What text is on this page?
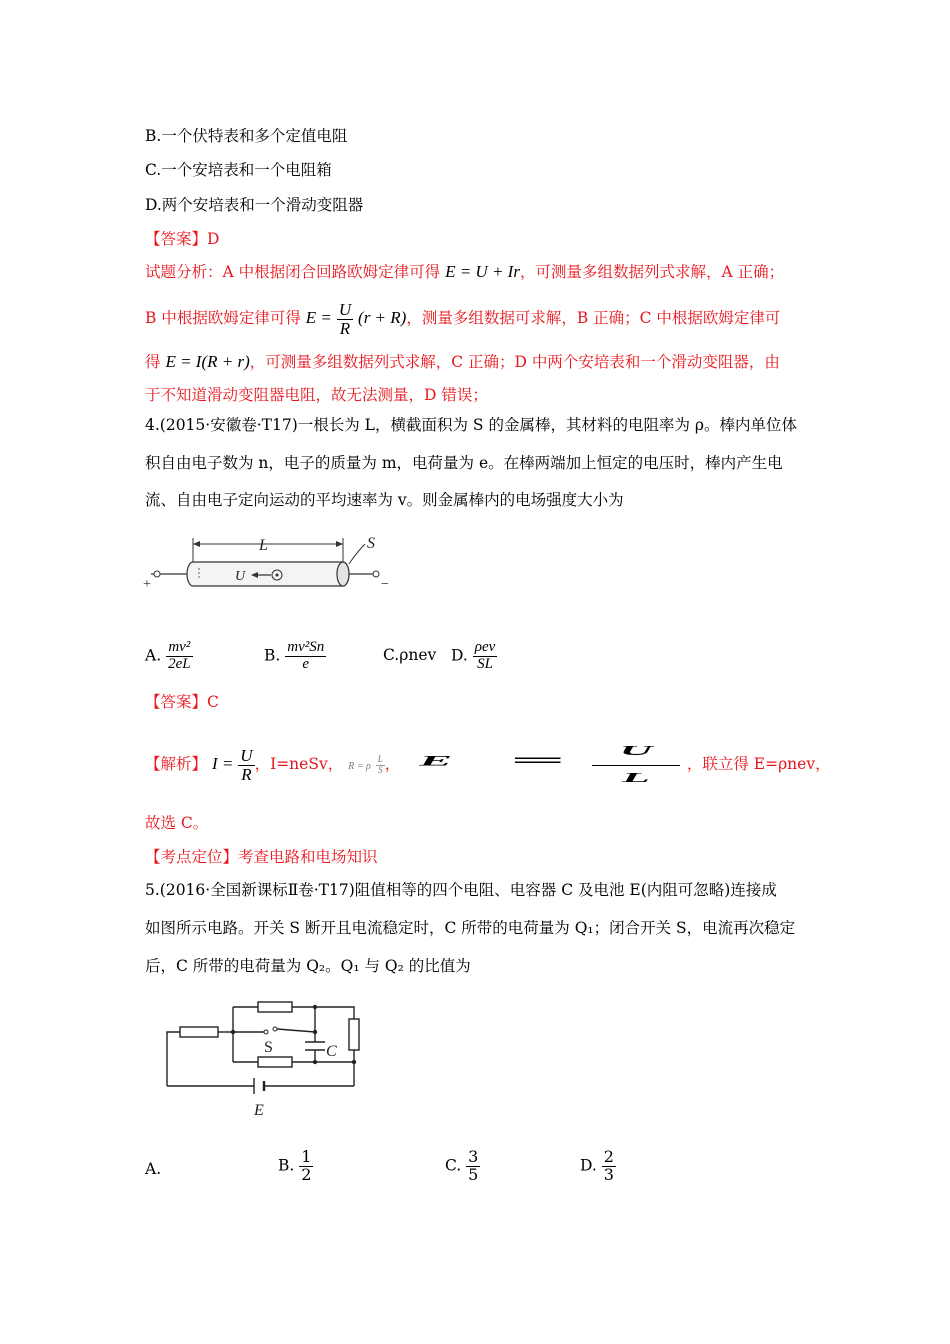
B.一个伏特表和多个定值电阻
C.一个安培表和一个电阻箱
D.两个安培表和一个滑动变阻器
【答案】D
试题分析：A 中根据闭合回路欧姆定律可得 E = U + Ir，可测量多组数据列式求解，A 正确；
B 中根据欧姆定律可得 $E = \frac{U}{R} (r + R)$，测量多组数据可求解，B 正确；C 中根据欧姆定律可
得 E = I(R + r)，可测量多组数据列式求解，C 正确；D 中两个安培表和一个滑动变阻器，由
于不知道滑动变阻器电阻，故无法测量，D 错误；
4.(2015·安徽卷·T17)一根长为 L，横截面积为 S 的金属棒，其材料的电阻率为 ρ。棒内单位体
积自由电子数为 n，电子的质量为 m，电荷量为 e。在棒两端加上恒定的电压时，棒内产生电
流、自由电子定向运动的平均速率为 v。则金属棒内的电场强度大小为
L
+	−
U
S
A. $\frac{\text{mv²}}{2eL}$	B. $\frac{\text{mv²Sn}}{e}$	C.ρnev D. $\frac{\text{ρev}}{SL}$
【答案】C
【解析】 $I = \frac{U}{R}$ ，I=neSv， R = ρ $\frac{L}{S}$ ， $E = \frac{U}{L}$ ，联立得 E=ρnev，
故选 C。
【考点定位】考查电路和电场知识
5.(2016·全国新课标Ⅱ卷·T17)阻值相等的四个电阻、电容器 C 及电池 E(内阻可忽略)连接成
如图所示电路。开关 S 断开且电流稳定时，C 所带的电荷量为 Q₁；闭合开关 S，电流再次稳定
后，C 所带的电荷量为 Q₂。Q₁ 与 Q₂ 的比值为
S	C
E
A.	B. $\frac{1}{2}$	C. $\frac{3}{5}$	D. $\frac{2}{3}$
